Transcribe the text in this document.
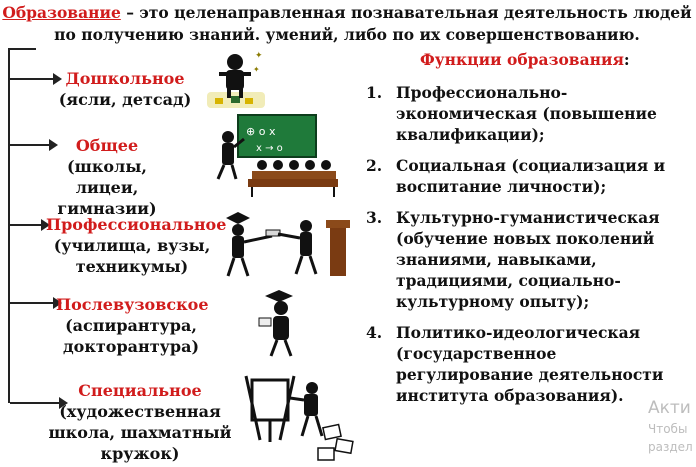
Образование – это целенаправленная познавательная деятельность людей по получению знаний. умений, либо по их совершенствованию.
Дошкольное
(ясли, детсад)
Общее
(школы, лицеи, гимназии)
Профессиональное
(училища, вузы, техникумы)
Послевузовское
(аспирантура, докторантура)
Специальное
(художественная школа, шахматный кружок)
✦
✦
⊕ o x
x → o
Функции образования:
1. Профессионально-экономическая (повышение квалификации);
2. Социальная (социализация и воспитание личности);
3. Культурно-гуманистическая (обучение новых поколений знаниями, навыками, традициями, социально-культурному опыту);
4. Политико-идеологическая (государственное регулирование деятельности института образования).
Акти
Чтобы
раздел
